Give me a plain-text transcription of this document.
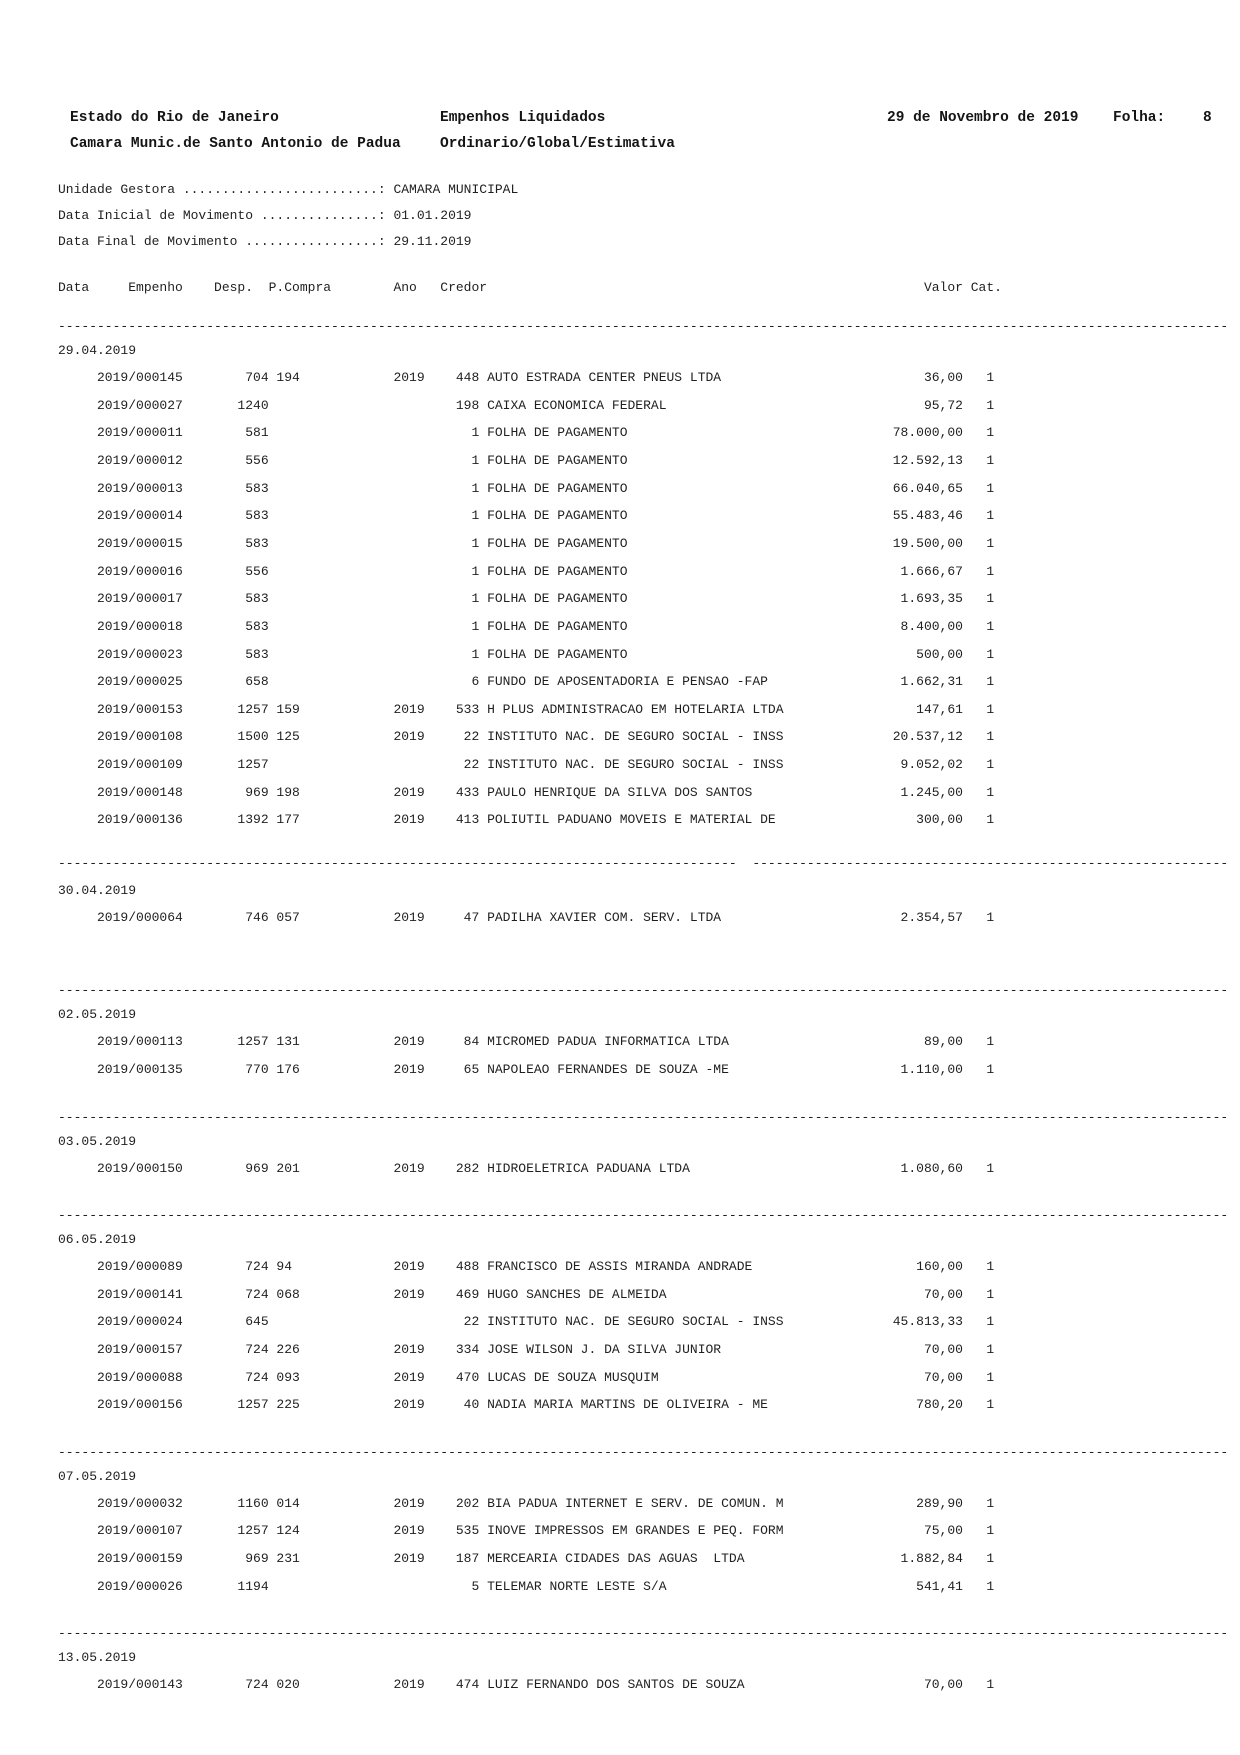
Estado do Rio de Janeiro	Empenhos Liquidados	29 de Novembro de 2019 Folha:	8
Camara Munic.de Santo Antonio de Padua	Ordinario/Global/Estimativa
Unidade Gestora .........................: CAMARA MUNICIPAL
Data Inicial de Movimento ...............: 01.01.2019
Data Final de Movimento .................: 29.11.2019
Data     Empenho    Desp.  P.Compra        Ano   Credor                                                        Valor Cat.
------------------------------------------------------------------------------------------------------------------------------------------------------
29.04.2019
2019/000145        704 194            2019    448 AUTO ESTRADA CENTER PNEUS LTDA                          36,00   1
2019/000027       1240                        198 CAIXA ECONOMICA FEDERAL                                 95,72   1
2019/000011        581                          1 FOLHA DE PAGAMENTO                                  78.000,00   1
2019/000012        556                          1 FOLHA DE PAGAMENTO                                  12.592,13   1
2019/000013        583                          1 FOLHA DE PAGAMENTO                                  66.040,65   1
2019/000014        583                          1 FOLHA DE PAGAMENTO                                  55.483,46   1
2019/000015        583                          1 FOLHA DE PAGAMENTO                                  19.500,00   1
2019/000016        556                          1 FOLHA DE PAGAMENTO                                   1.666,67   1
2019/000017        583                          1 FOLHA DE PAGAMENTO                                   1.693,35   1
2019/000018        583                          1 FOLHA DE PAGAMENTO                                   8.400,00   1
2019/000023        583                          1 FOLHA DE PAGAMENTO                                     500,00   1
2019/000025        658                          6 FUNDO DE APOSENTADORIA E PENSAO -FAP                 1.662,31   1
2019/000153       1257 159            2019    533 H PLUS ADMINISTRACAO EM HOTELARIA LTDA                 147,61   1
2019/000108       1500 125            2019     22 INSTITUTO NAC. DE SEGURO SOCIAL - INSS              20.537,12   1
2019/000109       1257                         22 INSTITUTO NAC. DE SEGURO SOCIAL - INSS               9.052,02   1
2019/000148        969 198            2019    433 PAULO HENRIQUE DA SILVA DOS SANTOS                   1.245,00   1
2019/000136       1392 177            2019    413 POLIUTIL PADUANO MOVEIS E MATERIAL DE                  300,00   1
---------------------------------------------------------------------------------------  -------------------------------------------------------------
30.04.2019
2019/000064        746 057            2019     47 PADILHA XAVIER COM. SERV. LTDA                       2.354,57   1
------------------------------------------------------------------------------------------------------------------------------------------------------
02.05.2019
2019/000113       1257 131            2019     84 MICROMED PADUA INFORMATICA LTDA                         89,00   1
2019/000135        770 176            2019     65 NAPOLEAO FERNANDES DE SOUZA -ME                      1.110,00   1
------------------------------------------------------------------------------------------------------------------------------------------------------
03.05.2019
2019/000150        969 201            2019    282 HIDROELETRICA PADUANA LTDA                           1.080,60   1
------------------------------------------------------------------------------------------------------------------------------------------------------
06.05.2019
2019/000089        724 94             2019    488 FRANCISCO DE ASSIS MIRANDA ANDRADE                     160,00   1
2019/000141        724 068            2019    469 HUGO SANCHES DE ALMEIDA                                 70,00   1
2019/000024        645                         22 INSTITUTO NAC. DE SEGURO SOCIAL - INSS              45.813,33   1
2019/000157        724 226            2019    334 JOSE WILSON J. DA SILVA JUNIOR                          70,00   1
2019/000088        724 093            2019    470 LUCAS DE SOUZA MUSQUIM                                  70,00   1
2019/000156       1257 225            2019     40 NADIA MARIA MARTINS DE OLIVEIRA - ME                   780,20   1
------------------------------------------------------------------------------------------------------------------------------------------------------
07.05.2019
2019/000032       1160 014            2019    202 BIA PADUA INTERNET E SERV. DE COMUN. M                 289,90   1
2019/000107       1257 124            2019    535 INOVE IMPRESSOS EM GRANDES E PEQ. FORM                  75,00   1
2019/000159        969 231            2019    187 MERCEARIA CIDADES DAS AGUAS  LTDA                    1.882,84   1
2019/000026       1194                          5 TELEMAR NORTE LESTE S/A                                541,41   1
------------------------------------------------------------------------------------------------------------------------------------------------------
13.05.2019
2019/000143        724 020            2019    474 LUIZ FERNANDO DOS SANTOS DE SOUZA                       70,00   1
